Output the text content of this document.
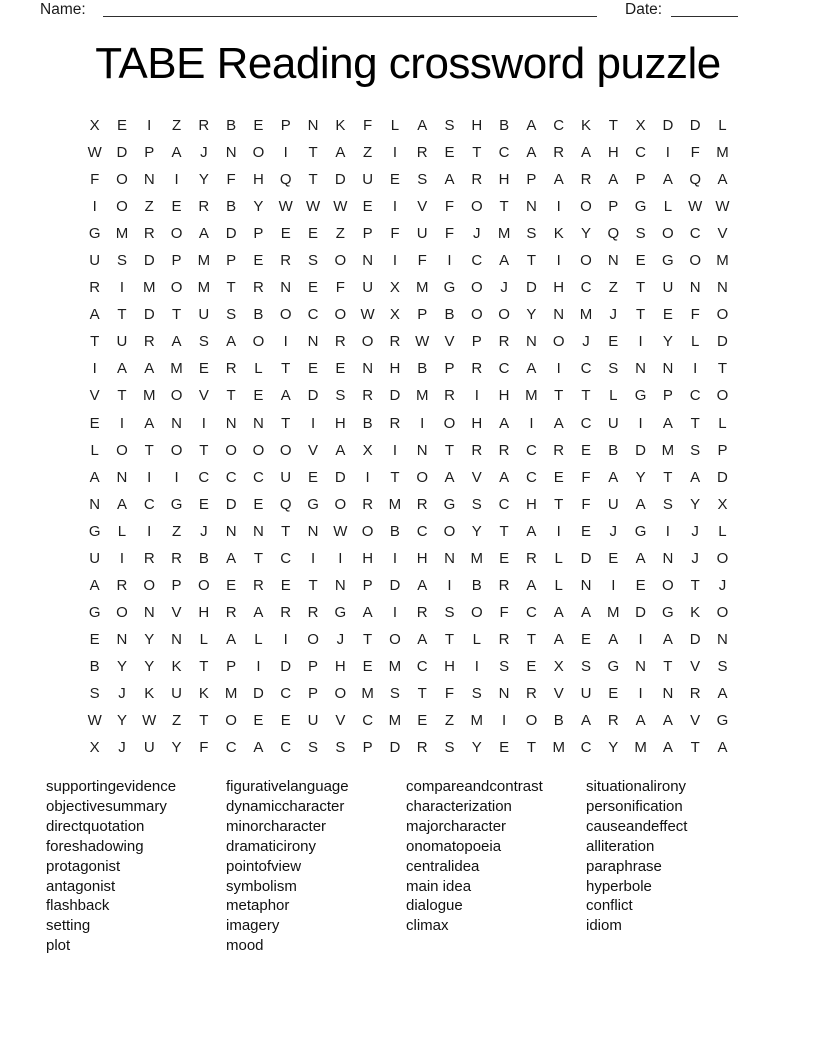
Name:	Date:
TABE Reading crossword puzzle
X	E	I	Z	R	B	E	P	N	K	F	L	A	S	H	B	A	C	K	T	X	D	D	L
W D	P	A	J	N	O	I	T	A	Z	I	R	E	T	C	A	R	A	H	C	I	F	M
F	O	N	I	Y	F	H	Q	T	D	U	E	S	A	R	H	P	A	R	A	P	A	Q	A
I	O	Z	E	R	B	Y	W W W	E	I	V	F	O	T	N	I	O	P	G	L	W W
G	M	R	O	A	D	P	E	E	Z	P	F	U	F	J	M	S	K	Y	Q	S	O	C	V
U	S	D	P	M	P	E	R	S	O	N	I	F	I	C	A	T	I	O	N	E	G	O	M
R	I	M	O	M	T	R	N	E	F	U	X	M	G	O	J	D	H	C	Z	T	U	N	N
A	T	D	T	U	S	B	O	C	O W	X	P	B	O	O	Y	N	M	J	T	E	F	O
T	U	R	A	S	A	O	I	N	R	O	R W	V	P	R	N	O	J	E	I	Y	L	D
I	A	A	M	E	R	L	T	E	E	N	H	B	P	R	C	A	I	C	S	N	N	I	T
V	T	M	O	V	T	E	A	D	S	R	D	M	R	I	H	M	T	T	L	G	P	C	O
E	I	A	N	I	N	N	T	I	H	B	R	I	O	H	A	I	A	C	U	I	A	T	L
L	O	T	O	T	O	O	O	V	A	X	I	N	T	R	R	C	R	E	B	D	M	S	P
A	N	I	I	C	C	C	U	E	D	I	T	O	A	V	A	C	E	F	A	Y	T	A	D
N	A	C	G	E	D	E	Q	G	O	R	M	R	G	S	C	H	T	F	U	A	S	Y	X
G	L	I	Z	J	N	N	T	N W O	B	C	O	Y	T	A	I	E	J	G	I	J	L
U	I	R	R	B	A	T	C	I	I	H	I	H	N	M	E	R	L	D	E	A	N	J	O
A	R	O	P	O	E	R	E	T	N	P	D	A	I	B	R	A	L	N	I	E	O	T	J
G	O	N	V	H	R	A	R	R	G	A	I	R	S	O	F	C	A	A	M	D	G	K	O
E	N	Y	N	L	A	L	I	O	J	T	O	A	T	L	R	T	A	E	A	I	A	D	N
B	Y	Y	K	T	P	I	D	P	H	E	M	C	H	I	S	E	X	S	G	N	T	V	S
S	J	K	U	K	M	D	C	P	O	M	S	T	F	S	N	R	V	U	E	I	N	R	A
W	Y	W	Z	T	O	E	E	U	V	C	M	E	Z	M	I	O	B	A	R	A	A	V	G
X	J	U	Y	F	C	A	C	S	S	P	D	R	S	Y	E	T	M	C	Y	M	A	T	A
supportingevidence
objectivesummary
directquotation
foreshadowing
protagonist
antagonist
flashback
setting
plot
figurativelanguage
dynamiccharacter
minorcharacter
dramaticirony
pointofview
symbolism
metaphor
imagery
mood
compareandcontrast
characterization
majorcharacter
onomatopoeia
centralidea
main idea
dialogue
climax
situationalirony
personification
causeandeffect
alliteration
paraphrase
hyperbole
conflict
idiom
